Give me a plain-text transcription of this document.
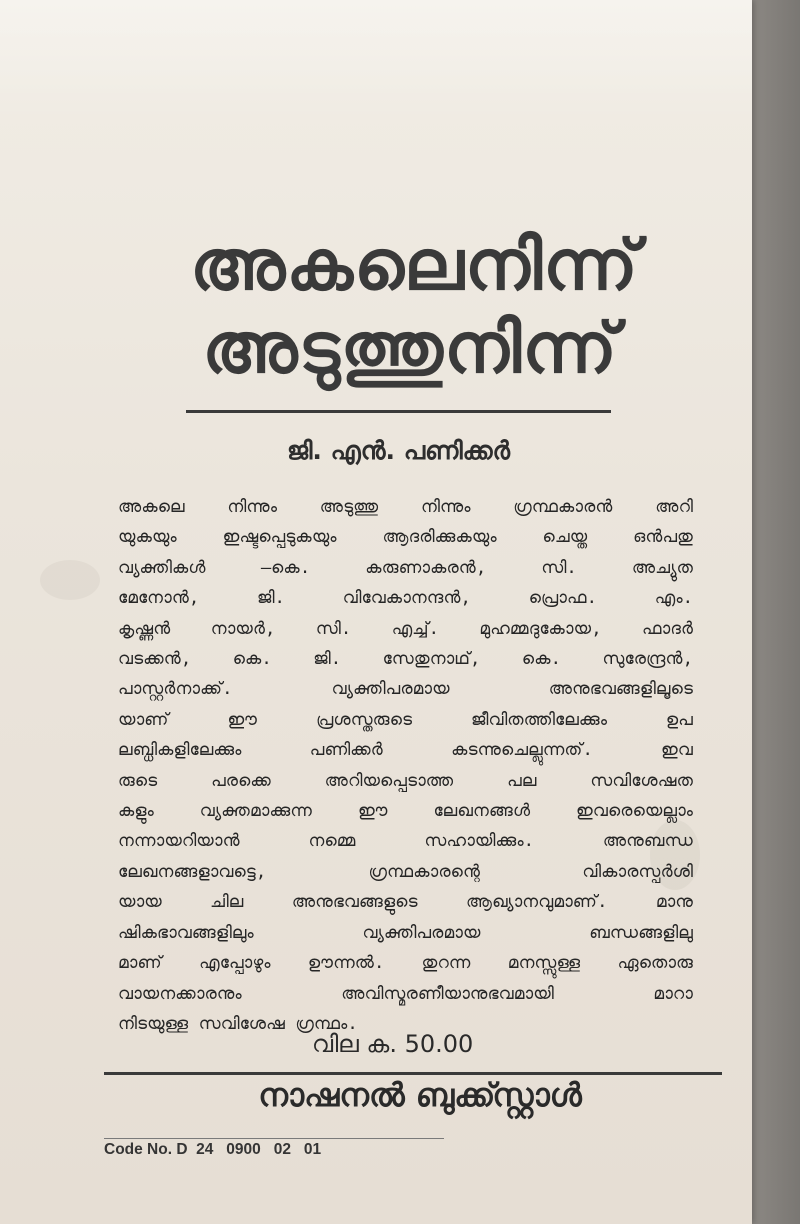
അകലെനിന്ന്
അടുത്തുനിന്ന്
ജി. എൻ. പണിക്കർ
അകലെ നിന്നും അടുത്തു നിന്നും ഗ്രന്ഥകാരൻ അറി
യുകയും ഇഷ്ടപ്പെടുകയും ആദരിക്കുകയും ചെയ്ത ഒൻപതു
വ്യക്തികൾ —കെ. കരുണാകരൻ, സി. അച്യുത
മേനോൻ, ജി. വിവേകാനന്ദൻ, പ്രൊഫ. എം.
കൃഷ്ണൻ നായർ, സി. എച്ച്. മുഹമ്മദുകോയ, ഫാദർ
വടക്കൻ, കെ. ജി. സേതുനാഥ്, കെ. സുരേന്ദ്രൻ,
പാസ്റ്റർനാക്ക്. വ്യക്തിപരമായ അനുഭവങ്ങളിലൂടെ
യാണ് ഈ പ്രശസ്തരുടെ ജീവിതത്തിലേക്കും ഉപ
ലബ്ധികളിലേക്കും പണിക്കർ കടന്നുചെല്ലുന്നത്. ഇവ
രുടെ പരക്കെ അറിയപ്പെടാത്ത പല സവിശേഷത
കളും വ്യക്തമാക്കുന്ന ഈ ലേഖനങ്ങൾ ഇവരെയെല്ലാം
നന്നായറിയാൻ നമ്മെ സഹായിക്കും. അനുബന്ധ
ലേഖനങ്ങളാവട്ടെ, ഗ്രന്ഥകാരന്റെ വികാരസ്പർശി
യായ ചില അനുഭവങ്ങളുടെ ആഖ്യാനവുമാണ്. മാനു
ഷികഭാവങ്ങളിലും വ്യക്തിപരമായ ബന്ധങ്ങളിലു
മാണ് എപ്പോഴും ഊന്നൽ. തുറന്ന മനസ്സുള്ള ഏതൊരു
വായനക്കാരനും അവിസ്മരണീയാനുഭവമായി മാറാ
നിടയുള്ള സവിശേഷ ഗ്രന്ഥം.
വില ക. 50.00
നാഷനൽ ബുക്ക്സ്റ്റാൾ
Code No. D  24   0900   02   01
